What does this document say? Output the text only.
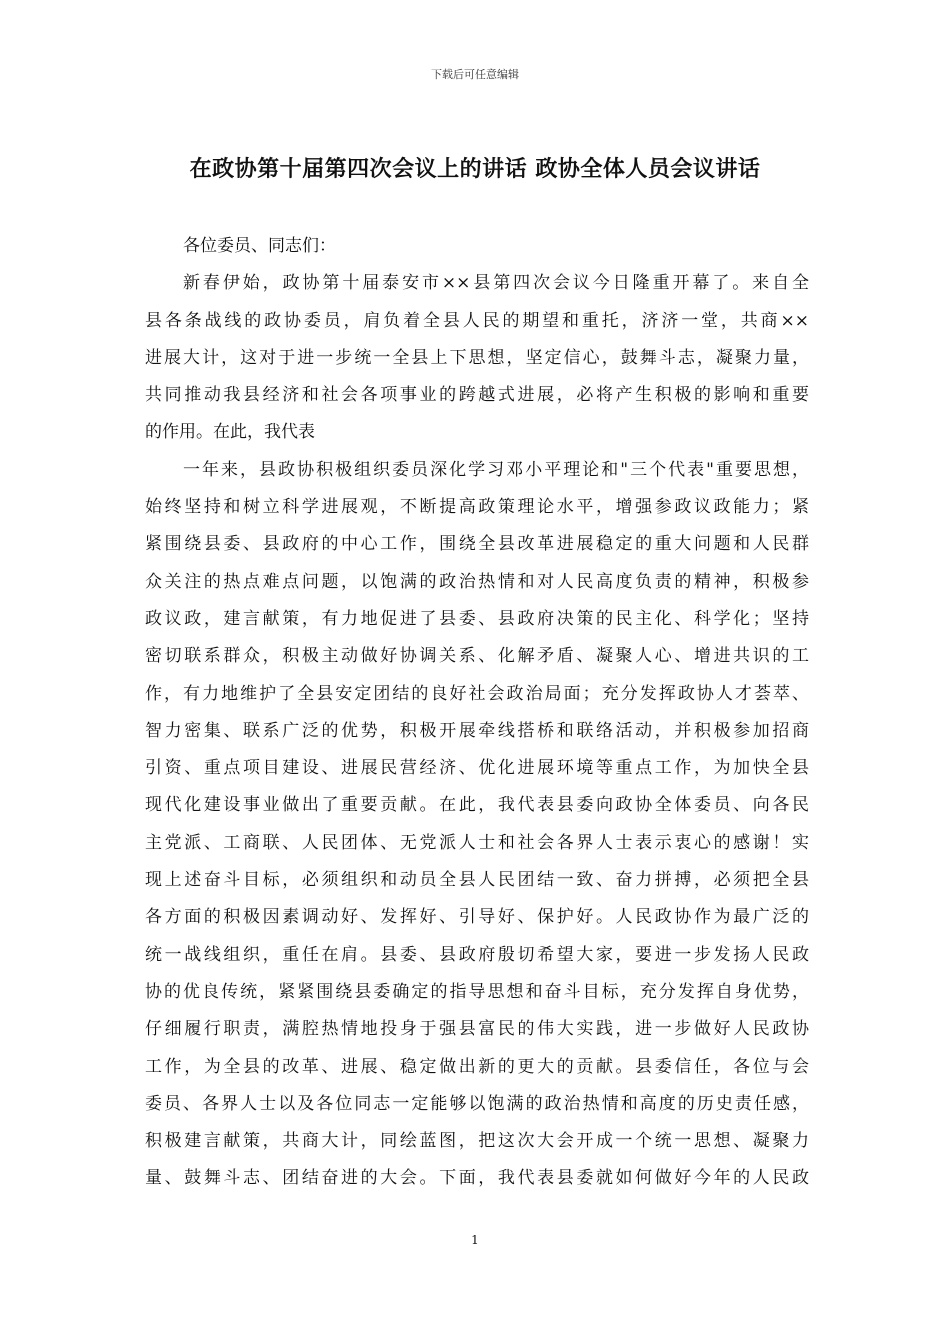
下载后可任意编辑
在政协第十届第四次会议上的讲话 政协全体人员会议讲话
各位委员、同志们：
新春伊始，政协第十届泰安市××县第四次会议今日隆重开幕了。来自全
县各条战线的政协委员，肩负着全县人民的期望和重托，济济一堂，共商××
进展大计，这对于进一步统一全县上下思想，坚定信心，鼓舞斗志，凝聚力量，
共同推动我县经济和社会各项事业的跨越式进展，必将产生积极的影响和重要
的作用。在此，我代表
一年来，县政协积极组织委员深化学习邓小平理论和"三个代表"重要思想，
始终坚持和树立科学进展观，不断提高政策理论水平，增强参政议政能力；紧
紧围绕县委、县政府的中心工作，围绕全县改革进展稳定的重大问题和人民群
众关注的热点难点问题，以饱满的政治热情和对人民高度负责的精神，积极参
政议政，建言献策，有力地促进了县委、县政府决策的民主化、科学化；坚持
密切联系群众，积极主动做好协调关系、化解矛盾、凝聚人心、增进共识的工
作，有力地维护了全县安定团结的良好社会政治局面；充分发挥政协人才荟萃、
智力密集、联系广泛的优势，积极开展牵线搭桥和联络活动，并积极参加招商
引资、重点项目建设、进展民营经济、优化进展环境等重点工作，为加快全县
现代化建设事业做出了重要贡献。在此，我代表县委向政协全体委员、向各民
主党派、工商联、人民团体、无党派人士和社会各界人士表示衷心的感谢！实
现上述奋斗目标，必须组织和动员全县人民团结一致、奋力拼搏，必须把全县
各方面的积极因素调动好、发挥好、引导好、保护好。人民政协作为最广泛的
统一战线组织，重任在肩。县委、县政府殷切希望大家，要进一步发扬人民政
协的优良传统，紧紧围绕县委确定的指导思想和奋斗目标，充分发挥自身优势，
仔细履行职责，满腔热情地投身于强县富民的伟大实践，进一步做好人民政协
工作，为全县的改革、进展、稳定做出新的更大的贡献。县委信任，各位与会
委员、各界人士以及各位同志一定能够以饱满的政治热情和高度的历史责任感，
积极建言献策，共商大计，同绘蓝图，把这次大会开成一个统一思想、凝聚力
量、鼓舞斗志、团结奋进的大会。下面，我代表县委就如何做好今年的人民政
1
